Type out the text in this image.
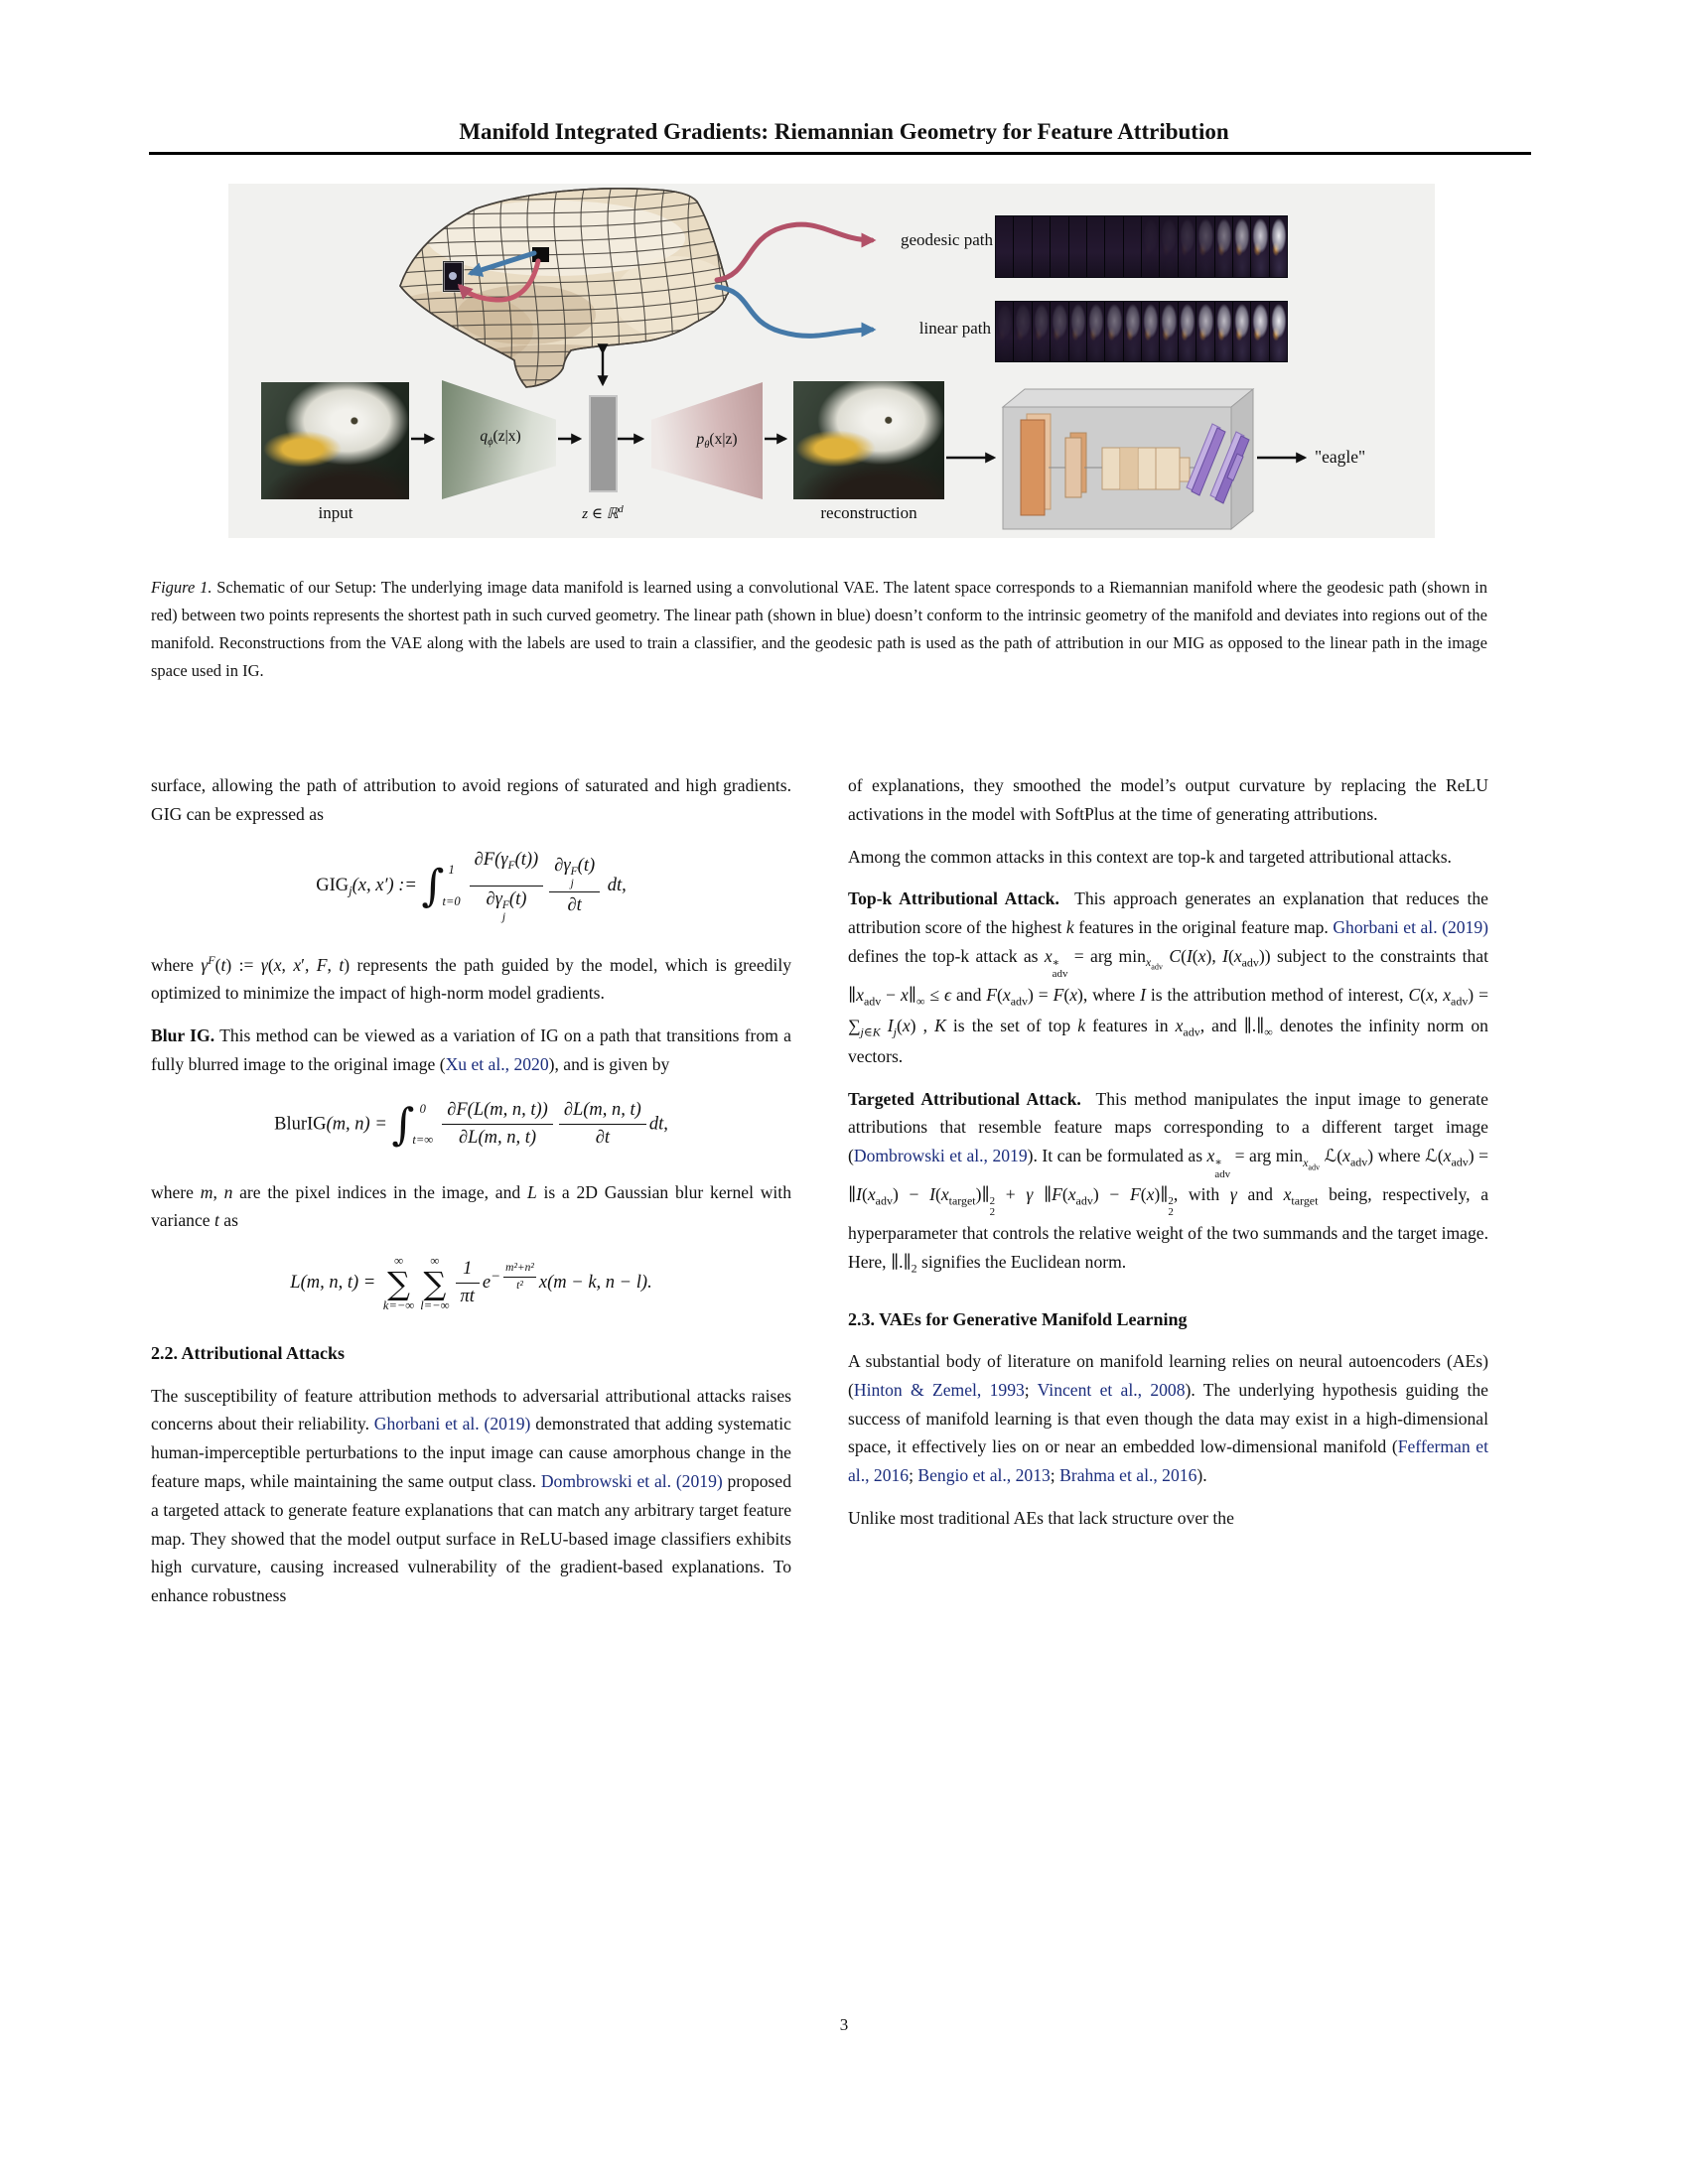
Manifold Integrated Gradients: Riemannian Geometry for Feature Attribution
geodesic path
linear path
input	z ∈ ℝ$^d$	reconstruction
$q_\phi(z|x)$	$p_\theta(x|z)$
"eagle"
Figure 1. Schematic of our Setup: The underlying image data manifold is learned using a convolutional VAE. The latent space corresponds to a Riemannian manifold where the geodesic path (shown in red) between two points represents the shortest path in such curved geometry. The linear path (shown in blue) doesn’t conform to the intrinsic geometry of the manifold and deviates into regions out of the manifold. Reconstructions from the VAE along with the labels are used to train a classifier, and the geodesic path is used as the path of attribution in our MIG as opposed to the linear path in the image space used in IG.
surface, allowing the path of attribution to avoid regions of saturated and high gradients. GIG can be expressed as
$GIG_j(x$, x′) := ∫ 1
t=0 ∂F(γ F
(t))
∂γ F
j
(t) ∂γ F
j
(t)
∂t dt,
where $\gamma^F(t)$ := γ(x, x′, F, t) represents the path guided by the model, which is greedily optimized to minimize the impact of high-norm model gradients.
Blur IG. This method can be viewed as a variation of IG on a path that transitions from a fully blurred image to the original image (Xu et al., 2020), and is given by
BlurIG(m, n) = ∫ 0
$t=\infty \frac{\partial F(L(m, n, t))}{\partial L(m, n, t)} \frac{\partial L(m, n, t)}{\partial t}$ dt,
where m, n are the pixel indices in the image, and L is a 2D Gaussian blur kernel with variance t as
L(m, n, t) =
∞
∑
k=−∞
∞
∑
$l=-\infty \frac{1}{\pi t} e^{- \frac{\text{m²+n²}}{\text{t²}}}$ x(m − k, n − l).
2.2. Attributional Attacks
The susceptibility of feature attribution methods to adversarial attributional attacks raises concerns about their reliability. Ghorbani et al. (2019) demonstrated that adding systematic human-imperceptible perturbations to the input image can cause amorphous change in the feature maps, while maintaining the same output class. Dombrowski et al. (2019) proposed a targeted attack to generate feature explanations that can match any arbitrary target feature map. They showed that the model output surface in ReLU-based image classifiers exhibits high curvature, causing increased vulnerability of the gradient-based explanations. To enhance robustness
of explanations, they smoothed the model’s output curvature by replacing the ReLU activations in the model with SoftPlus at the time of generating attributions.
Among the common attacks in this context are top-k and targeted attributional attacks.
Top-k Attributional Attack.  This approach generates an explanation that reduces the attribution score of the highest k features in the original feature map. Ghorbani et al. (2019) defines the top-k attack as x ∗
adv
= arg $\min_{x_{adv}} C(I(x)$, $I(x_{adv})$) subject to the constraints that $\parallel x_{adv}$ − $x\parallel_\infty \le \epsilon$ and $F(x_{adv}) = F(x)$, where I is the attribution method of interest, C(x, $x_{adv}) = \sum_{j\in K}$ $I_j(x)$ , K is the set of top k features in $x_{adv}$, and $\parallel.\parallel_\infty$ denotes the infinity norm on vectors.
Targeted Attributional Attack.  This method manipulates the input image to generate attributions that resemble feature maps corresponding to a different target image (Dombrowski et al., 2019). It can be formulated as x ∗
adv
= arg $\min_{x_{adv}}$ $ℒ(x_{adv})$ where $ℒ(x_{adv})$ = $\parallel I(x_{adv})$ − $I(x_{target})\parallel$ 2
2
+ γ $\parallel F(x_{adv})$ − F(x)∥ 2
2
, with γ and $x_{target}$ being, respectively, a hyperparameter that controls the relative weight of the two summands and the target image. Here, $\parallel.\parallel_2$ signifies the Euclidean norm.
2.3. VAEs for Generative Manifold Learning
A substantial body of literature on manifold learning relies on neural autoencoders (AEs) (Hinton & Zemel, 1993; Vincent et al., 2008). The underlying hypothesis guiding the success of manifold learning is that even though the data may exist in a high-dimensional space, it effectively lies on or near an embedded low-dimensional manifold (Fefferman et al., 2016; Bengio et al., 2013; Brahma et al., 2016).
Unlike most traditional AEs that lack structure over the
3
